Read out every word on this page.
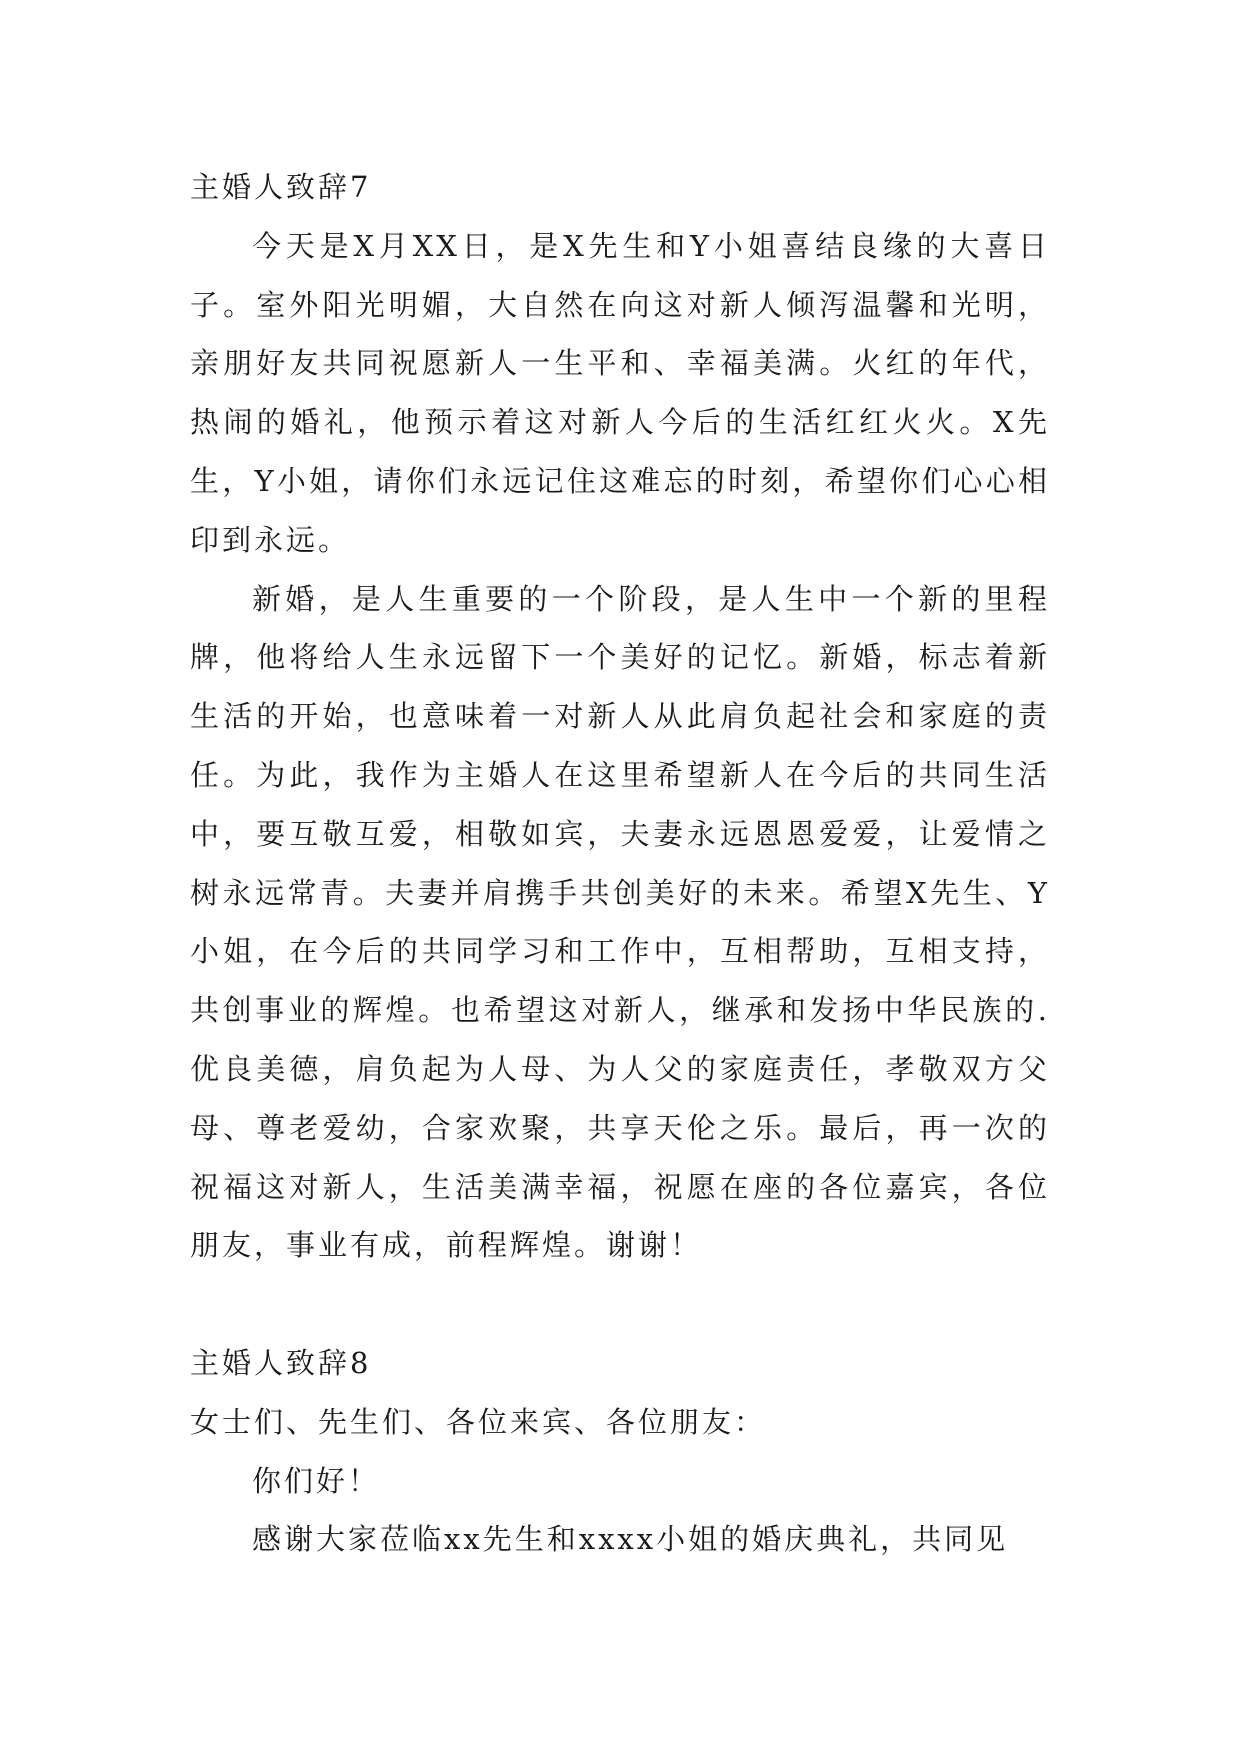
主婚人致辞7

今天是X月XX日，是X先生和Y小姐喜结良缘的大喜日子。室外阳光明媚，大自然在向这对新人倾泻温馨和光明，亲朋好友共同祝愿新人一生平和、幸福美满。火红的年代，热闹的婚礼，他预示着这对新人今后的生活红红火火。X先生，Y小姐，请你们永远记住这难忘的时刻，希望你们心心相印到永远。

新婚，是人生重要的一个阶段，是人生中一个新的里程牌，他将给人生永远留下一个美好的记忆。新婚，标志着新生活的开始，也意味着一对新人从此肩负起社会和家庭的责任。为此，我作为主婚人在这里希望新人在今后的共同生活中，要互敬互爱，相敬如宾，夫妻永远恩恩爱爱，让爱情之树永远常青。夫妻并肩携手共创美好的未来。希望X先生、Y小姐，在今后的共同学习和工作中，互相帮助，互相支持，共创事业的辉煌。也希望这对新人，继承和发扬中华民族的.优良美德，肩负起为人母、为人父的家庭责任，孝敬双方父母、尊老爱幼，合家欢聚，共享天伦之乐。最后，再一次的祝福这对新人，生活美满幸福，祝愿在座的各位嘉宾，各位朋友，事业有成，前程辉煌。谢谢！

主婚人致辞8

女士们、先生们、各位来宾、各位朋友：

你们好！

感谢大家莅临xx先生和xxxx小姐的婚庆典礼，共同见
